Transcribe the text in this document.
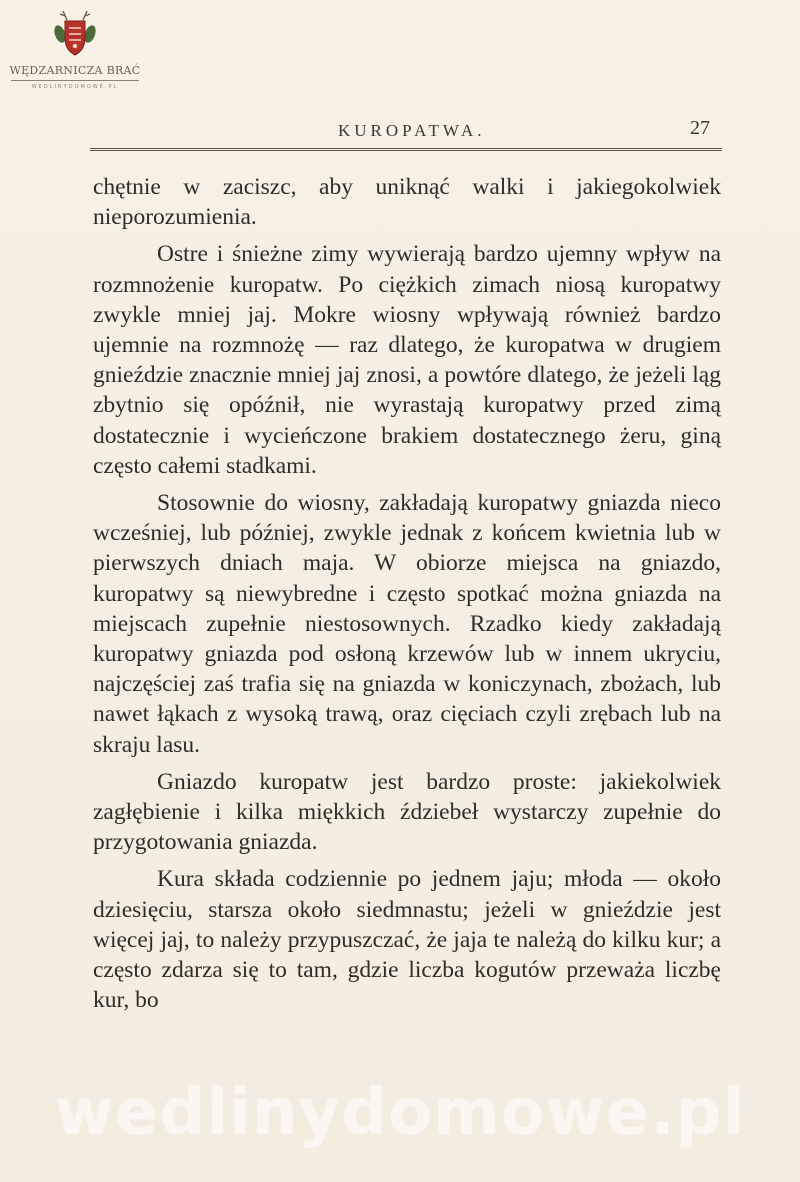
WĘDZARNICZA BRAĆ
WEDLINYDOMOWE.PL
KUROPATWA.	27

chętnie w zaciszc, aby uniknąć walki i jakiegokolwiek nieporozumienia.

Ostre i śnieżne zimy wywierają bardzo ujemny wpływ na rozmnożenie kuropatw. Po ciężkich zimach niosą kuropatwy zwykle mniej jaj. Mokre wiosny wpływają również bardzo ujemnie na rozmnożę — raz dlatego, że kuropatwa w drugiem gnieździe znacznie mniej jaj znosi, a powtóre dlatego, że jeżeli ląg zbytnio się opóźnił, nie wyrastają kuropatwy przed zimą dostatecznie i wycieńczone brakiem dostatecznego żeru, giną często całemi stadkami.

Stosownie do wiosny, zakładają kuropatwy gniazda nieco wcześniej, lub później, zwykle jednak z końcem kwietnia lub w pierwszych dniach maja. W obiorze miejsca na gniazdo, kuropatwy są niewybredne i często spotkać można gniazda na miejscach zupełnie niestosownych. Rzadko kiedy zakładają kuropatwy gniazda pod osłoną krzewów lub w innem ukryciu, najczęściej zaś trafia się na gniazda w koniczynach, zbożach, lub nawet łąkach z wysoką trawą, oraz cięciach czyli zrębach lub na skraju lasu.

Gniazdo kuropatw jest bardzo proste: jakiekolwiek zagłębienie i kilka miękkich ździebeł wystarczy zupełnie do przygotowania gniazda.

Kura składa codziennie po jednem jaju; młoda — około dziesięciu, starsza około siedmnastu; jeżeli w gnieździe jest więcej jaj, to należy przypuszczać, że jaja te należą do kilku kur; a często zdarza się to tam, gdzie liczba kogutów przeważa liczbę kur, bo

wedlinydomowe.pl
